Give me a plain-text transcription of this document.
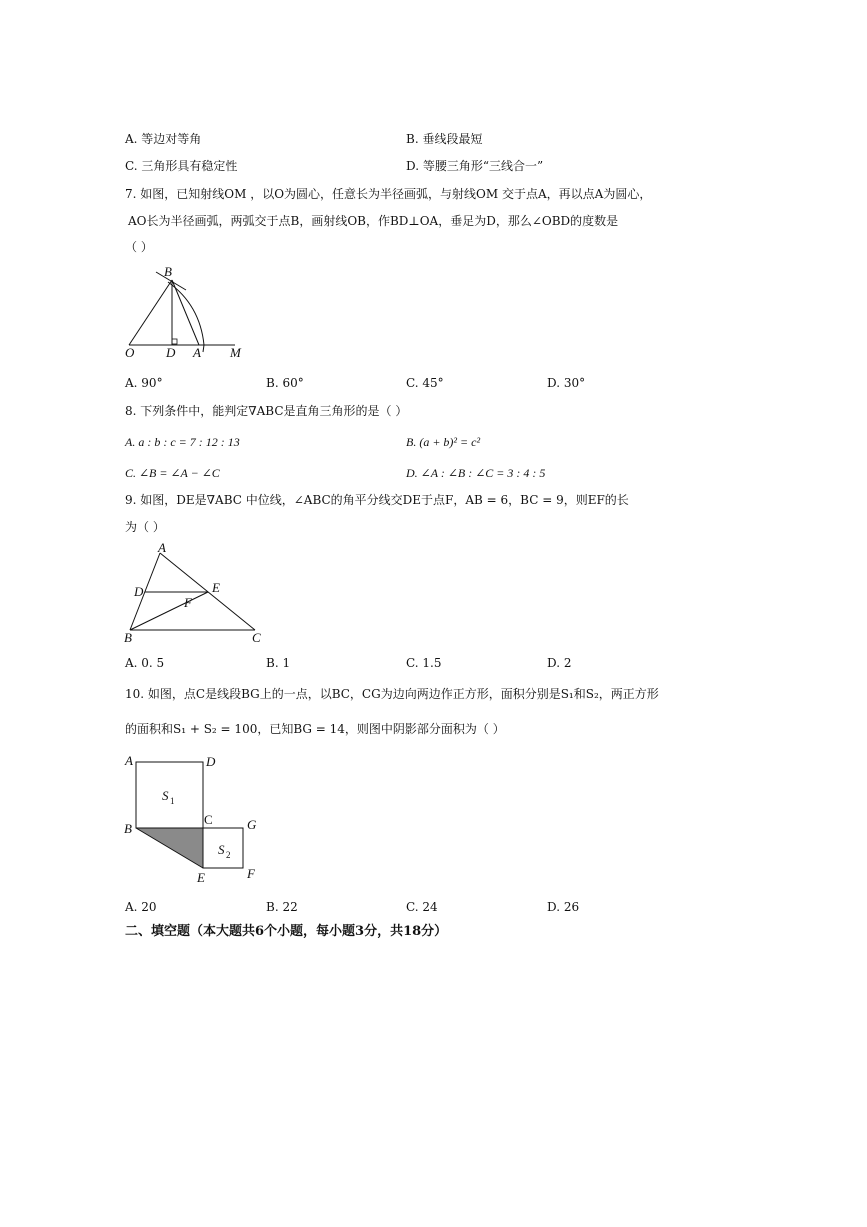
A. 等边对等角	B. 垂线段最短
C. 三角形具有稳定性	D. 等腰三角形“三线合一”
7. 如图，已知射线OM ，以O为圆心，任意长为半径画弧，与射线OM 交于点A，再以点A为圆心，
AO长为半径画弧，两弧交于点B，画射线OB，作BD⊥OA，垂足为D，那么∠OBD的度数是
（ ）
O D A M
B
A. 90°	B. 60°	C. 45°	D. 30°
8. 下列条件中，能判定∇ABC是直角三角形的是（ ）
A. a : b : c = 7 : 12 : 13	B. (a + b)² = c²
C. ∠B = ∠A − ∠C	D. ∠A : ∠B : ∠C = 3 : 4 : 5
9. 如图，DE是∇ABC 中位线，∠ABC的角平分线交DE于点F，AB = 6，BC = 9，则EF的长
为（ ）
A
D	E
F
B	C
A. 0. 5	B. 1	C. 1.5	D. 2
10. 如图，点C是线段BG上的一点，以BC，CG为边向两边作正方形，面积分别是S₁和S₂，两正方形
的面积和S₁ + S₂ = 100，已知BG = 14，则图中阴影部分面积为（ ）
A	D
B
C	G
E	F
S 1
S 2
A. 20	B. 22	C. 24	D. 26
二、填空题（本大题共6个小题，每小题3分，共18分）
